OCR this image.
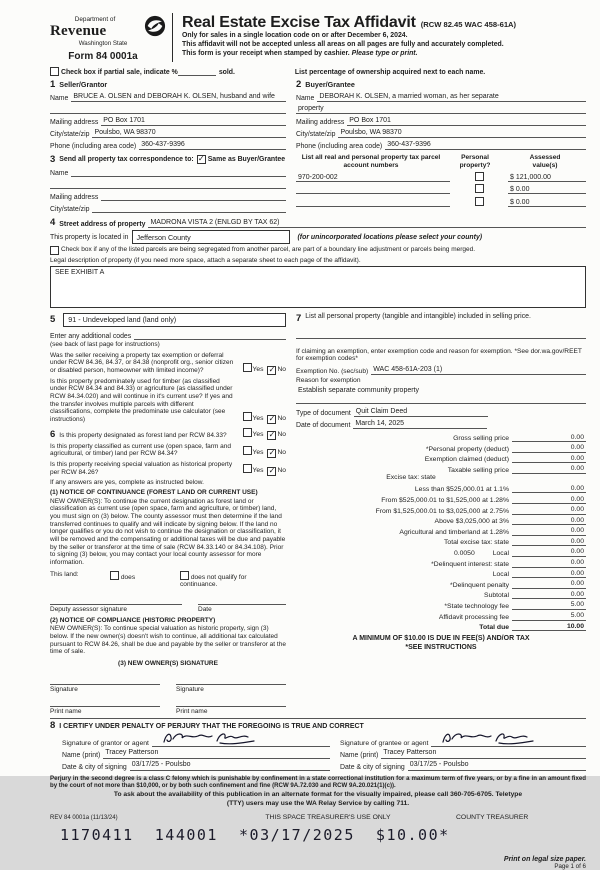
Department of
Revenue
Washington State
Form 84 0001a
Real Estate Excise Tax Affidavit (RCW 82.45 WAC 458-61A)
Only for sales in a single location code on or after December 6, 2024.
This affidavit will not be accepted unless all areas on all pages are fully and accurately completed.
This form is your receipt when stamped by cashier. Please type or print.
Check box if partial sale, indicate %	sold.	List percentage of ownership acquired next to each name.
1 Seller/Grantor
Name BRUCE A. OLSEN and DEBORAH K. OLSEN, husband and wife
Mailing address PO Box 1701
City/state/zip Poulsbo, WA 98370
Phone (including area code) 360-437-9396
2 Buyer/Grantee
Name DEBORAH K. OLSEN, a married woman, as her separate
property
Mailing address PO Box 1701
City/state/zip Poulsbo, WA 98370
Phone (including area code) 360-437-9396
3 Send all property tax correspondence to: ✓ Same as Buyer/Grantee
Name
Mailing address
City/state/zip
List all real and personal property tax parcel account numbers
Personal
property?
Assessed
value(s)
970-200-002	$ 121,000.00
$ 0.00
$ 0.00
4 Street address of property MADRONA VISTA 2 (ENLGD BY TAX 62)
This property is located in	Jefferson County	(for unincorporated locations please select your county)
Check box if any of the listed parcels are being segregated from another parcel, are part of a boundary line adjustment or parcels being merged.
Legal description of property (if you need more space, attach a separate sheet to each page of the affidavit).
SEE EXHIBIT A
5	91 - Undeveloped land (land only)
Enter any additional codes
(see back of last page for instructions)
Was the seller receiving a property tax exemption or deferral under RCW 84.36, 84.37, or 84.38 (nonprofit org., senior citizen or disabled person, homeowner with limited income)?	Yes ✓ No
Is this property predominately used for timber (as classified under RCW 84.34 and 84.33) or agriculture (as classified under RCW 84.34.020) and will continue in it's current use? If yes and the transfer involves multiple parcels with different classifications, complete the predominate use calculator (see instructions)	Yes ✓ No
6 Is this property designated as forest land per RCW 84.33?	Yes ✓ No
Is this property classified as current use (open space, farm and agricultural, or timber) land per RCW 84.34?	Yes ✓ No
Is this property receiving special valuation as historical property per RCW 84.26?	Yes ✓ No
If any answers are yes, complete as instructed below.
(1) NOTICE OF CONTINUANCE (FOREST LAND OR CURRENT USE)
NEW OWNER(S): To continue the current designation as forest land or classification as current use (open space, farm and agriculture, or timber) land, you must sign on (3) below. The county assessor must then determine if the land transferred continues to qualify and will indicate by signing below. If the land no longer qualifies or you do not wish to continue the designation or classification, it will be removed and the compensating or additional taxes will be due and payable by the seller or transferor at the time of sale (RCW 84.33.140 or 84.34.108). Prior to signing (3) below, you may contact your local county assessor for more information.
This land:	does	does not qualify for
continuance.
Deputy assessor signature	Date
(2) NOTICE OF COMPLIANCE (HISTORIC PROPERTY)
NEW OWNER(S): To continue special valuation as historic property, sign (3) below. If the new owner(s) doesn't wish to continue, all additional tax calculated pursuant to RCW 84.26, shall be due and payable by the seller or transferor at the time of sale.
(3) NEW OWNER(S) SIGNATURE
Signature	Signature
Print name	Print name
7 List all personal property (tangible and intangible) included in selling price.
If claiming an exemption, enter exemption code and reason for exemption. *See dor.wa.gov/REET for exemption codes*
Exemption No. (sec/sub) WAC 458-61A-203 (1)
Reason for exemption
Establish separate community property
Type of document Quit Claim Deed
Date of document March 14, 2025
Gross selling price	0.00
*Personal property (deduct)	0.00
Exemption claimed (deduct)	0.00
Taxable selling price	0.00
Excise tax: state
Less than $525,000.01 at 1.1%	0.00
From $525,000.01 to $1,525,000 at 1.28%	0.00
From $1,525,000.01 to $3,025,000 at 2.75%	0.00
Above $3,025,000 at 3%	0.00
Agricultural and timberland at 1.28%	0.00
Total excise tax: state	0.00
0.0050	Local	0.00
*Delinquent interest: state	0.00
Local	0.00
*Delinquent penalty	0.00
Subtotal	0.00
*State technology fee	5.00
Affidavit processing fee	5.00
Total due	10.00
A MINIMUM OF $10.00 IS DUE IN FEE(S) AND/OR TAX
*SEE INSTRUCTIONS
8 I CERTIFY UNDER PENALTY OF PERJURY THAT THE FOREGOING IS TRUE AND CORRECT
Signature of grantor or agent
Name (print) Tracey Patterson
Date & city of signing 03/17/25 - Poulsbo
Signature of grantee or agent
Name (print) Tracey Patterson
Date & city of signing 03/17/25 - Poulsbo
Perjury in the second degree is a class C felony which is punishable by confinement in a state correctional institution for a maximum term of five years, or by a fine in an amount fixed by the court of not more than $10,000, or by both such confinement and fine (RCW 9A.72.030 and RCW 9A.20.021(1)(c)).
To ask about the availability of this publication in an alternate format for the visually impaired, please call 360-705-6705. Teletype
(TTY) users may use the WA Relay Service by calling 711.
REV 84 0001a (11/13/24)	THIS SPACE TREASURER'S USE ONLY	COUNTY TREASURER
1170411  144001  *03/17/2025  $10.00*
Print on legal size paper.
Page 1 of 6
